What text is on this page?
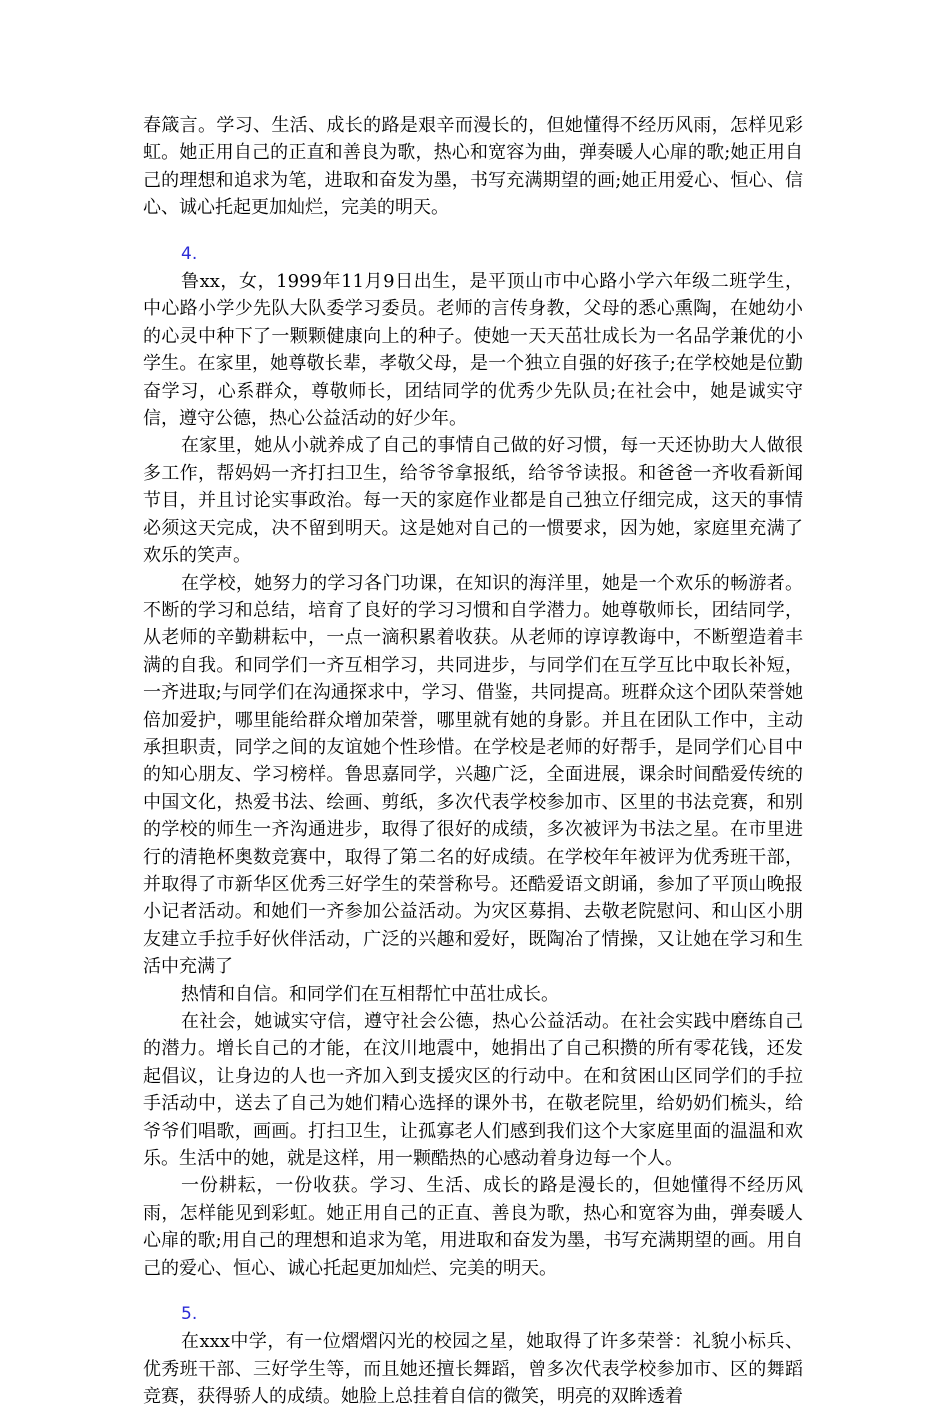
春箴言。学习、生活、成长的路是艰辛而漫长的，但她懂得不经历风雨，怎样见彩虹。她正用自己的正直和善良为歌，热心和宽容为曲，弹奏暖人心扉的歌;她正用自己的理想和追求为笔，进取和奋发为墨，书写充满期望的画;她正用爱心、恒心、信心、诚心托起更加灿烂，完美的明天。

4.

鲁xx，女，1999年11月9日出生，是平顶山市中心路小学六年级二班学生，中心路小学少先队大队委学习委员。老师的言传身教，父母的悉心熏陶，在她幼小的心灵中种下了一颗颗健康向上的种子。使她一天天茁壮成长为一名品学兼优的小学生。在家里，她尊敬长辈，孝敬父母，是一个独立自强的好孩子;在学校她是位勤奋学习，心系群众，尊敬师长，团结同学的优秀少先队员;在社会中，她是诚实守信，遵守公德，热心公益活动的好少年。

在家里，她从小就养成了自己的事情自己做的好习惯，每一天还协助大人做很多工作，帮妈妈一齐打扫卫生，给爷爷拿报纸，给爷爷读报。和爸爸一齐收看新闻节目，并且讨论实事政治。每一天的家庭作业都是自己独立仔细完成，这天的事情必须这天完成，决不留到明天。这是她对自己的一惯要求，因为她，家庭里充满了欢乐的笑声。

在学校，她努力的学习各门功课，在知识的海洋里，她是一个欢乐的畅游者。不断的学习和总结，培育了良好的学习习惯和自学潜力。她尊敬师长，团结同学，从老师的辛勤耕耘中，一点一滴积累着收获。从老师的谆谆教诲中，不断塑造着丰满的自我。和同学们一齐互相学习，共同进步，与同学们在互学互比中取长补短，一齐进取;与同学们在沟通探求中，学习、借鉴，共同提高。班群众这个团队荣誉她倍加爱护，哪里能给群众增加荣誉，哪里就有她的身影。并且在团队工作中，主动承担职责，同学之间的友谊她个性珍惜。在学校是老师的好帮手，是同学们心目中的知心朋友、学习榜样。鲁思嘉同学，兴趣广泛，全面进展，课余时间酷爱传统的中国文化，热爱书法、绘画、剪纸，多次代表学校参加市、区里的书法竞赛，和别的学校的师生一齐沟通进步，取得了很好的成绩，多次被评为书法之星。在市里进行的清艳杯奥数竞赛中，取得了第二名的好成绩。在学校年年被评为优秀班干部，并取得了市新华区优秀三好学生的荣誉称号。还酷爱语文朗诵，参加了平顶山晚报小记者活动。和她们一齐参加公益活动。为灾区募捐、去敬老院慰问、和山区小朋友建立手拉手好伙伴活动，广泛的兴趣和爱好，既陶冶了情操，又让她在学习和生活中充满了

热情和自信。和同学们在互相帮忙中茁壮成长。

在社会，她诚实守信，遵守社会公德，热心公益活动。在社会实践中磨练自己的潜力。增长自己的才能，在汶川地震中，她捐出了自己积攒的所有零花钱，还发起倡议，让身边的人也一齐加入到支援灾区的行动中。在和贫困山区同学们的手拉手活动中，送去了自己为她们精心选择的课外书，在敬老院里，给奶奶们梳头，给爷爷们唱歌，画画。打扫卫生，让孤寡老人们感到我们这个大家庭里面的温温和欢乐。生活中的她，就是这样，用一颗酷热的心感动着身边每一个人。

一份耕耘，一份收获。学习、生活、成长的路是漫长的，但她懂得不经历风雨，怎样能见到彩虹。她正用自己的正直、善良为歌，热心和宽容为曲，弹奏暖人心扉的歌;用自己的理想和追求为笔，用进取和奋发为墨，书写充满期望的画。用自己的爱心、恒心、诚心托起更加灿烂、完美的明天。

5.

在xxx中学，有一位熠熠闪光的校园之星，她取得了许多荣誉：礼貌小标兵、优秀班干部、三好学生等，而且她还擅长舞蹈，曾多次代表学校参加市、区的舞蹈竞赛，获得骄人的成绩。她脸上总挂着自信的微笑，明亮的双眸透着
